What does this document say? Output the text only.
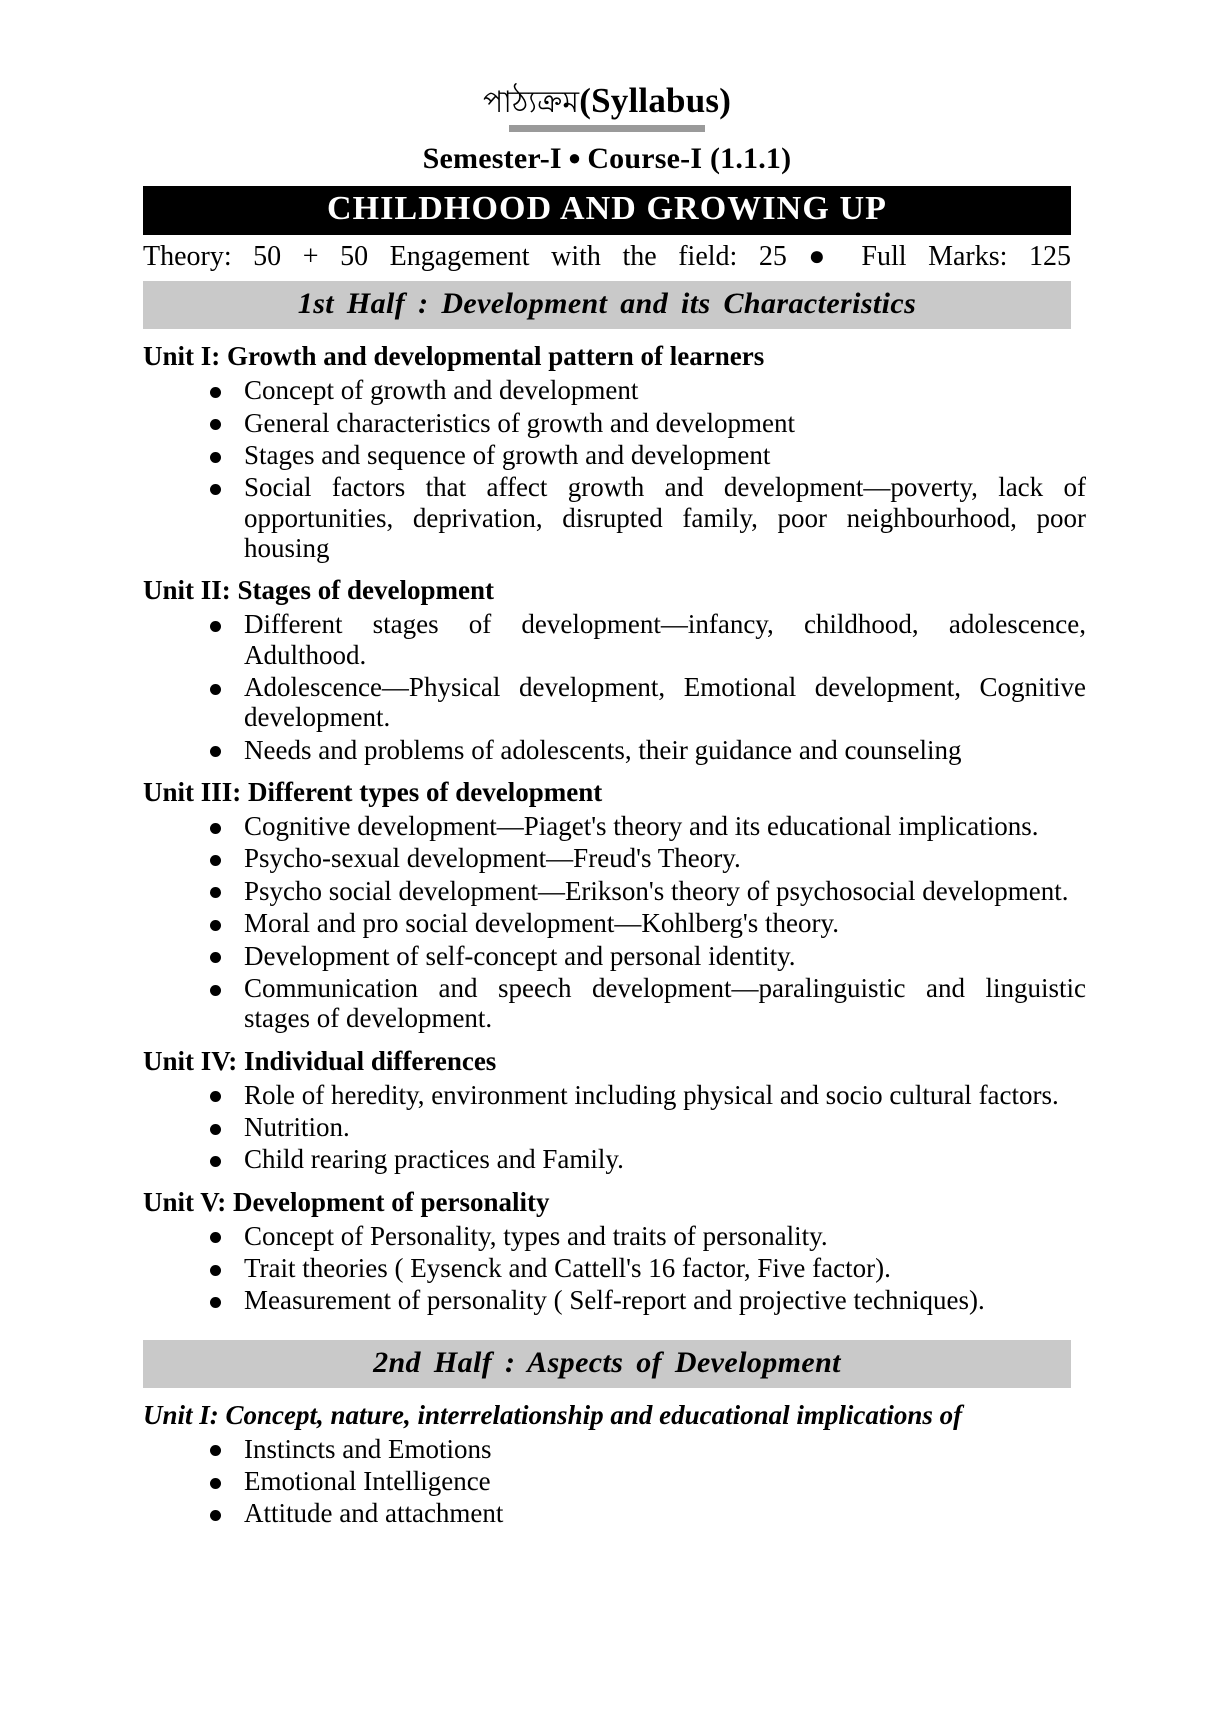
পাঠ্যক্রম(Syllabus)
Semester-I ● Course-I (1.1.1)
CHILDHOOD AND GROWING UP
Theory: 50 + 50 Engagement with the field: 25 ● Full Marks: 125
1st Half : Development and its Characteristics
Unit I: Growth and developmental pattern of learners
Concept of growth and development
General characteristics of growth and development
Stages and sequence of growth and development
Social factors that affect growth and development—poverty, lack of opportunities, deprivation, disrupted family, poor neighbourhood, poor housing
Unit II: Stages of development
Different stages of development—infancy, childhood, adolescence, Adulthood.
Adolescence—Physical development, Emotional development, Cognitive development.
Needs and problems of adolescents, their guidance and counseling
Unit III: Different types of development
Cognitive development—Piaget's theory and its educational implications.
Psycho-sexual development—Freud's Theory.
Psycho social development—Erikson's theory of psychosocial development.
Moral and pro social development—Kohlberg's theory.
Development of self-concept and personal identity.
Communication and speech development—paralinguistic and linguistic stages of development.
Unit IV: Individual differences
Role of heredity, environment including physical and socio cultural factors.
Nutrition.
Child rearing practices and Family.
Unit V: Development of personality
Concept of Personality, types and traits of personality.
Trait theories ( Eysenck and Cattell's 16 factor, Five factor).
Measurement of personality ( Self-report and projective techniques).
2nd Half : Aspects of Development
Unit I: Concept, nature, interrelationship and educational implications of
Instincts and Emotions
Emotional Intelligence
Attitude and attachment
